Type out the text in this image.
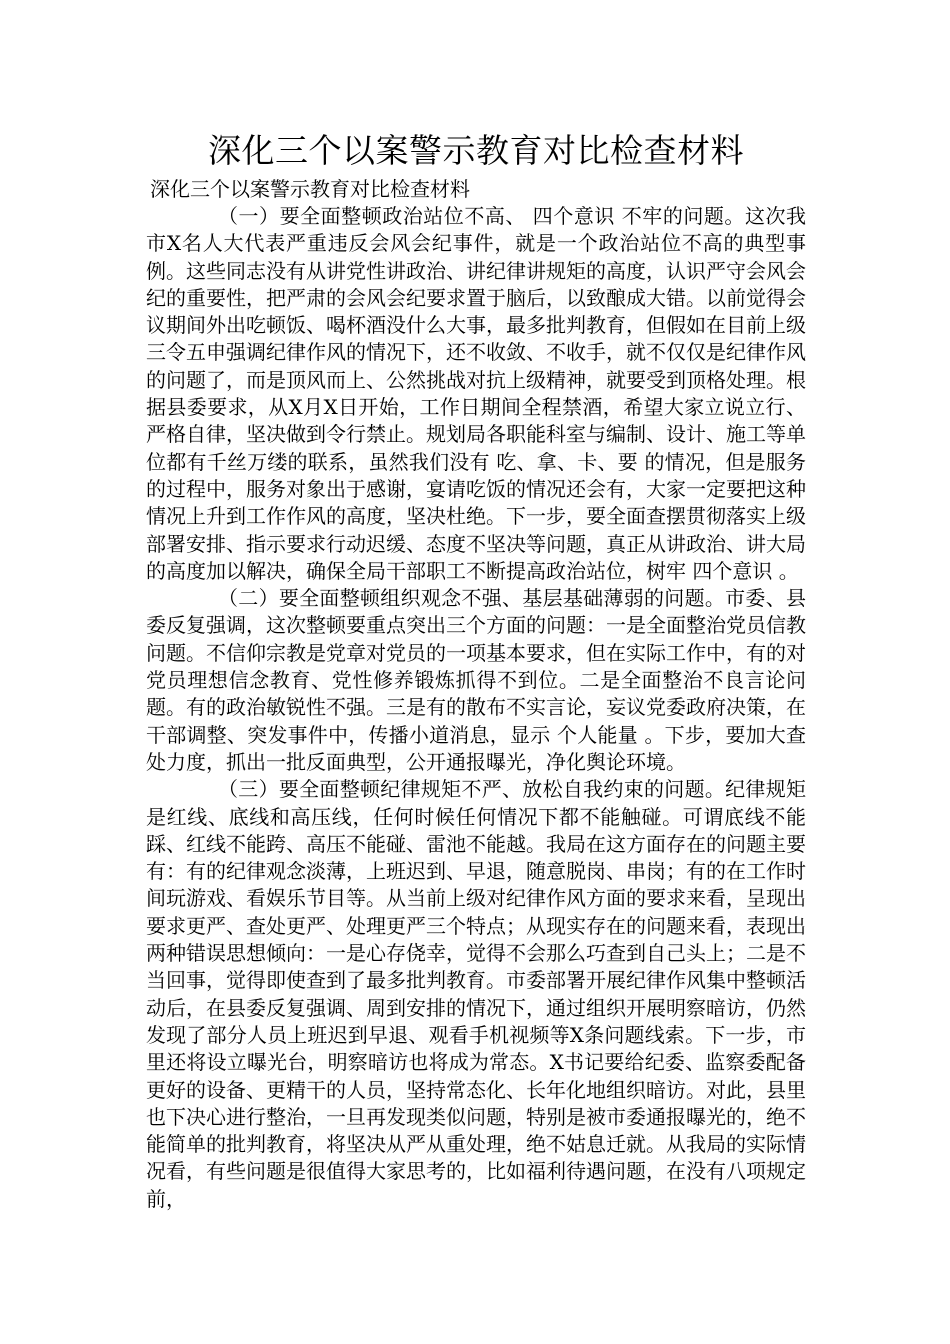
深化三个以案警示教育对比检查材料

深化三个以案警示教育对比检查材料

（一）要全面整顿政治站位不高、 四个意识 不牢的问题。这次我市X名人大代表严重违反会风会纪事件，就是一个政治站位不高的典型事例。这些同志没有从讲党性讲政治、讲纪律讲规矩的高度，认识严守会风会纪的重要性，把严肃的会风会纪要求置于脑后，以致酿成大错。以前觉得会议期间外出吃顿饭、喝杯酒没什么大事，最多批判教育，但假如在目前上级三令五申强调纪律作风的情况下，还不收敛、不收手，就不仅仅是纪律作风的问题了，而是顶风而上、公然挑战对抗上级精神，就要受到顶格处理。根据县委要求，从X月X日开始，工作日期间全程禁酒，希望大家立说立行、严格自律，坚决做到令行禁止。规划局各职能科室与编制、设计、施工等单位都有千丝万缕的联系，虽然我们没有 吃、拿、卡、要 的情况，但是服务的过程中，服务对象出于感谢，宴请吃饭的情况还会有，大家一定要把这种情况上升到工作作风的高度，坚决杜绝。下一步，要全面查摆贯彻落实上级部署安排、指示要求行动迟缓、态度不坚决等问题，真正从讲政治、讲大局的高度加以解决，确保全局干部职工不断提高政治站位，树牢 四个意识 。

（二）要全面整顿组织观念不强、基层基础薄弱的问题。市委、县委反复强调，这次整顿要重点突出三个方面的问题：一是全面整治党员信教问题。不信仰宗教是党章对党员的一项基本要求，但在实际工作中，有的对党员理想信念教育、党性修养锻炼抓得不到位。二是全面整治不良言论问题。有的政治敏锐性不强。三是有的散布不实言论，妄议党委政府决策，在干部调整、突发事件中，传播小道消息，显示 个人能量 。下步，要加大查处力度，抓出一批反面典型，公开通报曝光，净化舆论环境。

（三）要全面整顿纪律规矩不严、放松自我约束的问题。纪律规矩是红线、底线和高压线，任何时候任何情况下都不能触碰。可谓底线不能踩、红线不能跨、高压不能碰、雷池不能越。我局在这方面存在的问题主要有：有的纪律观念淡薄，上班迟到、早退，随意脱岗、串岗；有的在工作时间玩游戏、看娱乐节目等。从当前上级对纪律作风方面的要求来看，呈现出要求更严、查处更严、处理更严三个特点；从现实存在的问题来看，表现出两种错误思想倾向：一是心存侥幸，觉得不会那么巧查到自己头上；二是不当回事，觉得即使查到了最多批判教育。市委部署开展纪律作风集中整顿活动后，在县委反复强调、周到安排的情况下，通过组织开展明察暗访，仍然发现了部分人员上班迟到早退、观看手机视频等X条问题线索。下一步，市里还将设立曝光台，明察暗访也将成为常态。X书记要给纪委、监察委配备更好的设备、更精干的人员，坚持常态化、长年化地组织暗访。对此，县里也下决心进行整治，一旦再发现类似问题，特别是被市委通报曝光的，绝不能简单的批判教育，将坚决从严从重处理，绝不姑息迁就。从我局的实际情况看，有些问题是很值得大家思考的，比如福利待遇问题，在没有八项规定前，
